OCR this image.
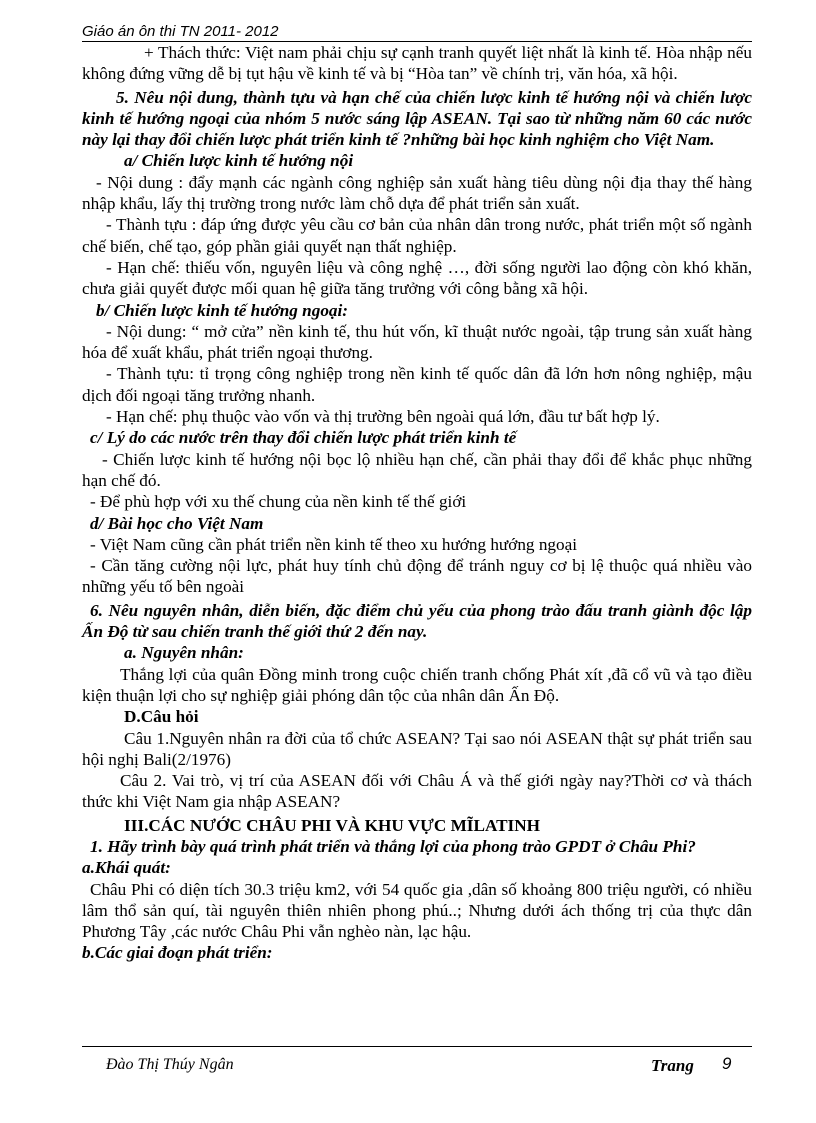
Giáo án ôn thi TN 2011- 2012

+ Thách thức: Việt nam phải chịu sự cạnh tranh quyết liệt nhất là kinh tế. Hòa nhập nếu không đứng vững dễ bị tụt hậu về kinh tế và bị “Hòa tan” về chính trị, văn hóa, xã hội.

5. Nêu nội dung, thành tựu và hạn chế của chiến lược kinh tế hướng nội và chiến lược kinh tế hướng ngoại của nhóm 5 nước sáng lập ASEAN. Tại sao từ những năm 60 các nước này lại thay đổi chiến lược phát triển kinh tế ?những bài học kinh nghiệm cho Việt Nam.

a/ Chiến lược kinh tế hướng nội

- Nội dung : đẩy mạnh các ngành công nghiệp sản xuất hàng tiêu dùng nội địa thay thế hàng nhập khẩu, lấy thị trường trong nước làm chỗ dựa để phát triển sản xuất.

- Thành tựu : đáp ứng được yêu cầu cơ bản của nhân dân trong nước, phát triển một số ngành chế biến, chế tạo, góp phần giải quyết nạn thất nghiệp.

- Hạn chế: thiếu vốn, nguyên liệu và công nghệ …, đời sống người lao động còn khó khăn, chưa giải quyết được mối quan hệ giữa tăng trưởng với công bằng xã hội.

b/ Chiến lược kinh tế hướng ngoại:

- Nội dung: “ mở cửa” nền kinh tế, thu hút vốn, kĩ thuật nước ngoài, tập trung sản xuất hàng hóa để xuất khẩu, phát triển ngoại thương.

- Thành tựu: tỉ trọng công nghiệp trong nền kinh tế quốc dân đã lớn hơn nông nghiệp, mậu dịch đối ngoại tăng trưởng nhanh.

- Hạn chế: phụ thuộc vào vốn và thị trường bên ngoài quá lớn, đầu tư bất hợp lý.

c/ Lý do các nước trên thay đổi chiến lược phát triển kinh tế

- Chiến lược kinh tế hướng nội bọc lộ nhiều hạn chế, cần phải thay đổi để khắc phục những hạn chế đó.

- Để phù hợp với xu thế chung của nền kinh tế thế giới

d/ Bài học cho Việt Nam

- Việt Nam cũng cần phát triển nền kinh tế theo xu hướng hướng ngoại

- Cần tăng cường nội lực, phát huy tính chủ động để tránh nguy cơ bị lệ thuộc quá nhiều vào những yếu tố bên ngoài

6. Nêu nguyên nhân, diễn biến, đặc điểm chủ yếu của phong trào đấu tranh giành độc lập Ấn Độ từ sau chiến tranh thế giới thứ 2 đến nay.

a. Nguyên nhân:

Thắng lợi của quân Đồng minh trong cuộc chiến tranh chống Phát xít ,đã cổ vũ và tạo điều kiện thuận lợi cho sự nghiệp giải phóng dân tộc của nhân dân Ấn Độ.

D.Câu hỏi

Câu 1.Nguyên nhân ra đời của tổ chức ASEAN? Tại sao nói ASEAN thật sự phát triển sau hội nghị Bali(2/1976)

Câu 2. Vai trò, vị trí của ASEAN đối với Châu Á và thế giới ngày nay?Thời cơ và thách thức khi Việt Nam gia nhập ASEAN?

III.CÁC NƯỚC CHÂU PHI VÀ KHU VỰC MĨLATINH

1. Hãy trình bày quá trình phát triển và thắng lợi của phong trào GPDT ở Châu Phi?

a.Khái quát:

Châu Phi có diện tích 30.3 triệu km2, với 54 quốc gia ,dân số khoảng 800 triệu người, có nhiều lâm thổ sản quí, tài nguyên thiên nhiên phong phú..; Nhưng dưới ách thống trị của thực dân Phương Tây ,các nước Châu Phi vẫn nghèo nàn, lạc hậu.

b.Các giai đoạn phát triển:

Đào Thị Thúy Ngân	Trang 9
